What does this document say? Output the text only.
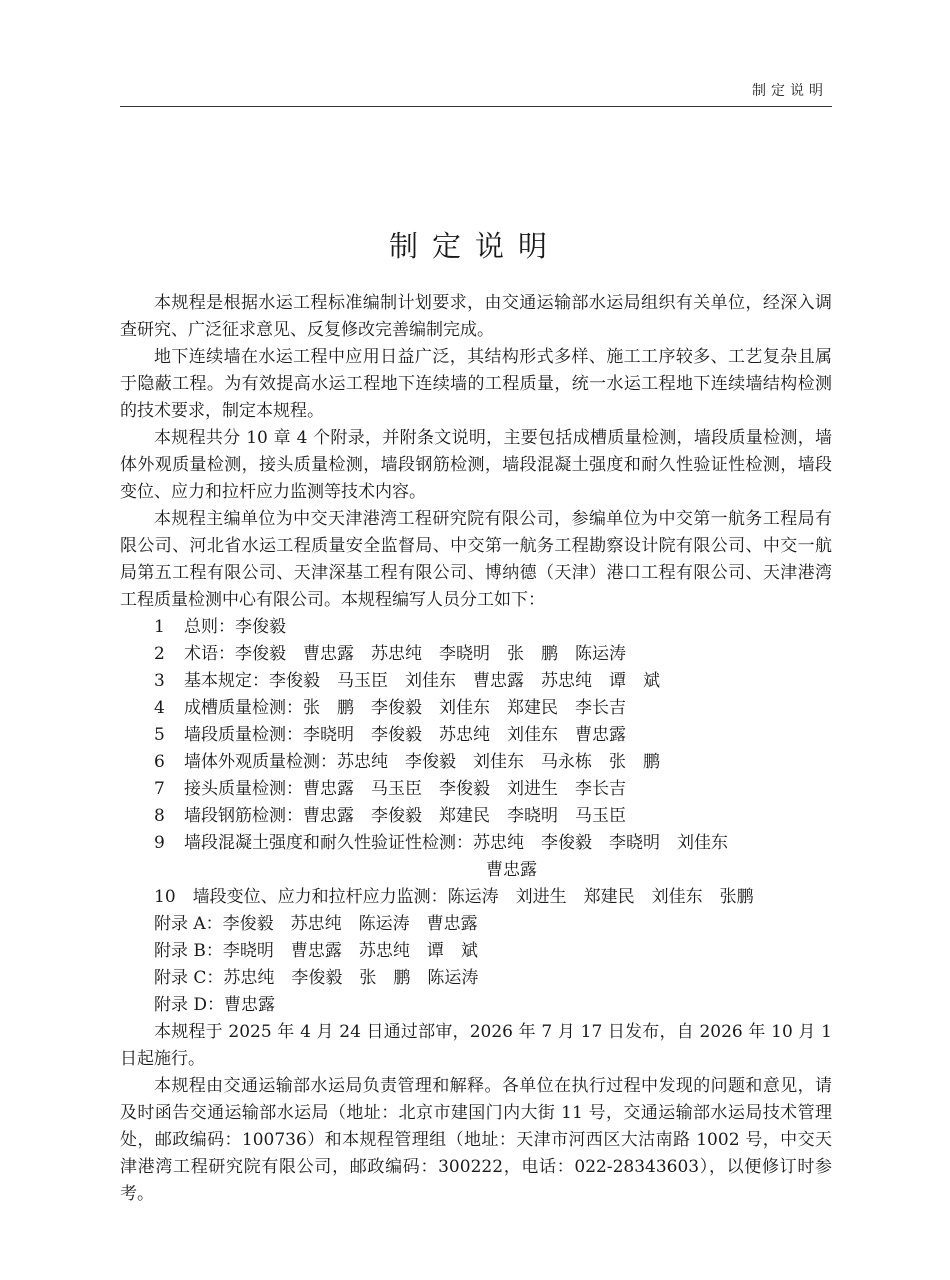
制定说明
制定说明

本规程是根据水运工程标准编制计划要求，由交通运输部水运局组织有关单位，经深入调查研究、广泛征求意见、反复修改完善编制完成。

地下连续墙在水运工程中应用日益广泛，其结构形式多样、施工工序较多、工艺复杂且属于隐蔽工程。为有效提高水运工程地下连续墙的工程质量，统一水运工程地下连续墙结构检测的技术要求，制定本规程。

本规程共分 10 章 4 个附录，并附条文说明，主要包括成槽质量检测，墙段质量检测，墙体外观质量检测，接头质量检测，墙段钢筋检测，墙段混凝土强度和耐久性验证性检测，墙段变位、应力和拉杆应力监测等技术内容。

本规程主编单位为中交天津港湾工程研究院有限公司，参编单位为中交第一航务工程局有限公司、河北省水运工程质量安全监督局、中交第一航务工程勘察设计院有限公司、中交一航局第五工程有限公司、天津深基工程有限公司、博纳德（天津）港口工程有限公司、天津港湾工程质量检测中心有限公司。本规程编写人员分工如下：

1 总则：李俊毅

2 术语：李俊毅　曹忠露　苏忠纯　李晓明　张　鹏　陈运涛

3 基本规定：李俊毅　马玉臣　刘佳东　曹忠露　苏忠纯　谭　斌

4 成槽质量检测：张　鹏　李俊毅　刘佳东　郑建民　李长吉

5 墙段质量检测：李晓明　李俊毅　苏忠纯　刘佳东　曹忠露

6 墙体外观质量检测：苏忠纯　李俊毅　刘佳东　马永栋　张　鹏

7 接头质量检测：曹忠露　马玉臣　李俊毅　刘进生　李长吉

8 墙段钢筋检测：曹忠露　李俊毅　郑建民　李晓明　马玉臣

9 墙段混凝土强度和耐久性验证性检测：苏忠纯　李俊毅　李晓明　刘佳东

曹忠露

10　墙段变位、应力和拉杆应力监测：陈运涛　刘进生　郑建民　刘佳东　张鹏

附录 A：李俊毅　苏忠纯　陈运涛　曹忠露

附录 B：李晓明　曹忠露　苏忠纯　谭　斌

附录 C：苏忠纯　李俊毅　张　鹏　陈运涛

附录 D：曹忠露

本规程于 2025 年 4 月 24 日通过部审，2026 年 7 月 17 日发布，自 2026 年 10 月 1 日起施行。

本规程由交通运输部水运局负责管理和解释。各单位在执行过程中发现的问题和意见，请及时函告交通运输部水运局（地址：北京市建国门内大街 11 号，交通运输部水运局技术管理处，邮政编码：100736）和本规程管理组（地址：天津市河西区大沽南路 1002 号，中交天津港湾工程研究院有限公司，邮政编码：300222，电话：022-28343603），以便修订时参考。
